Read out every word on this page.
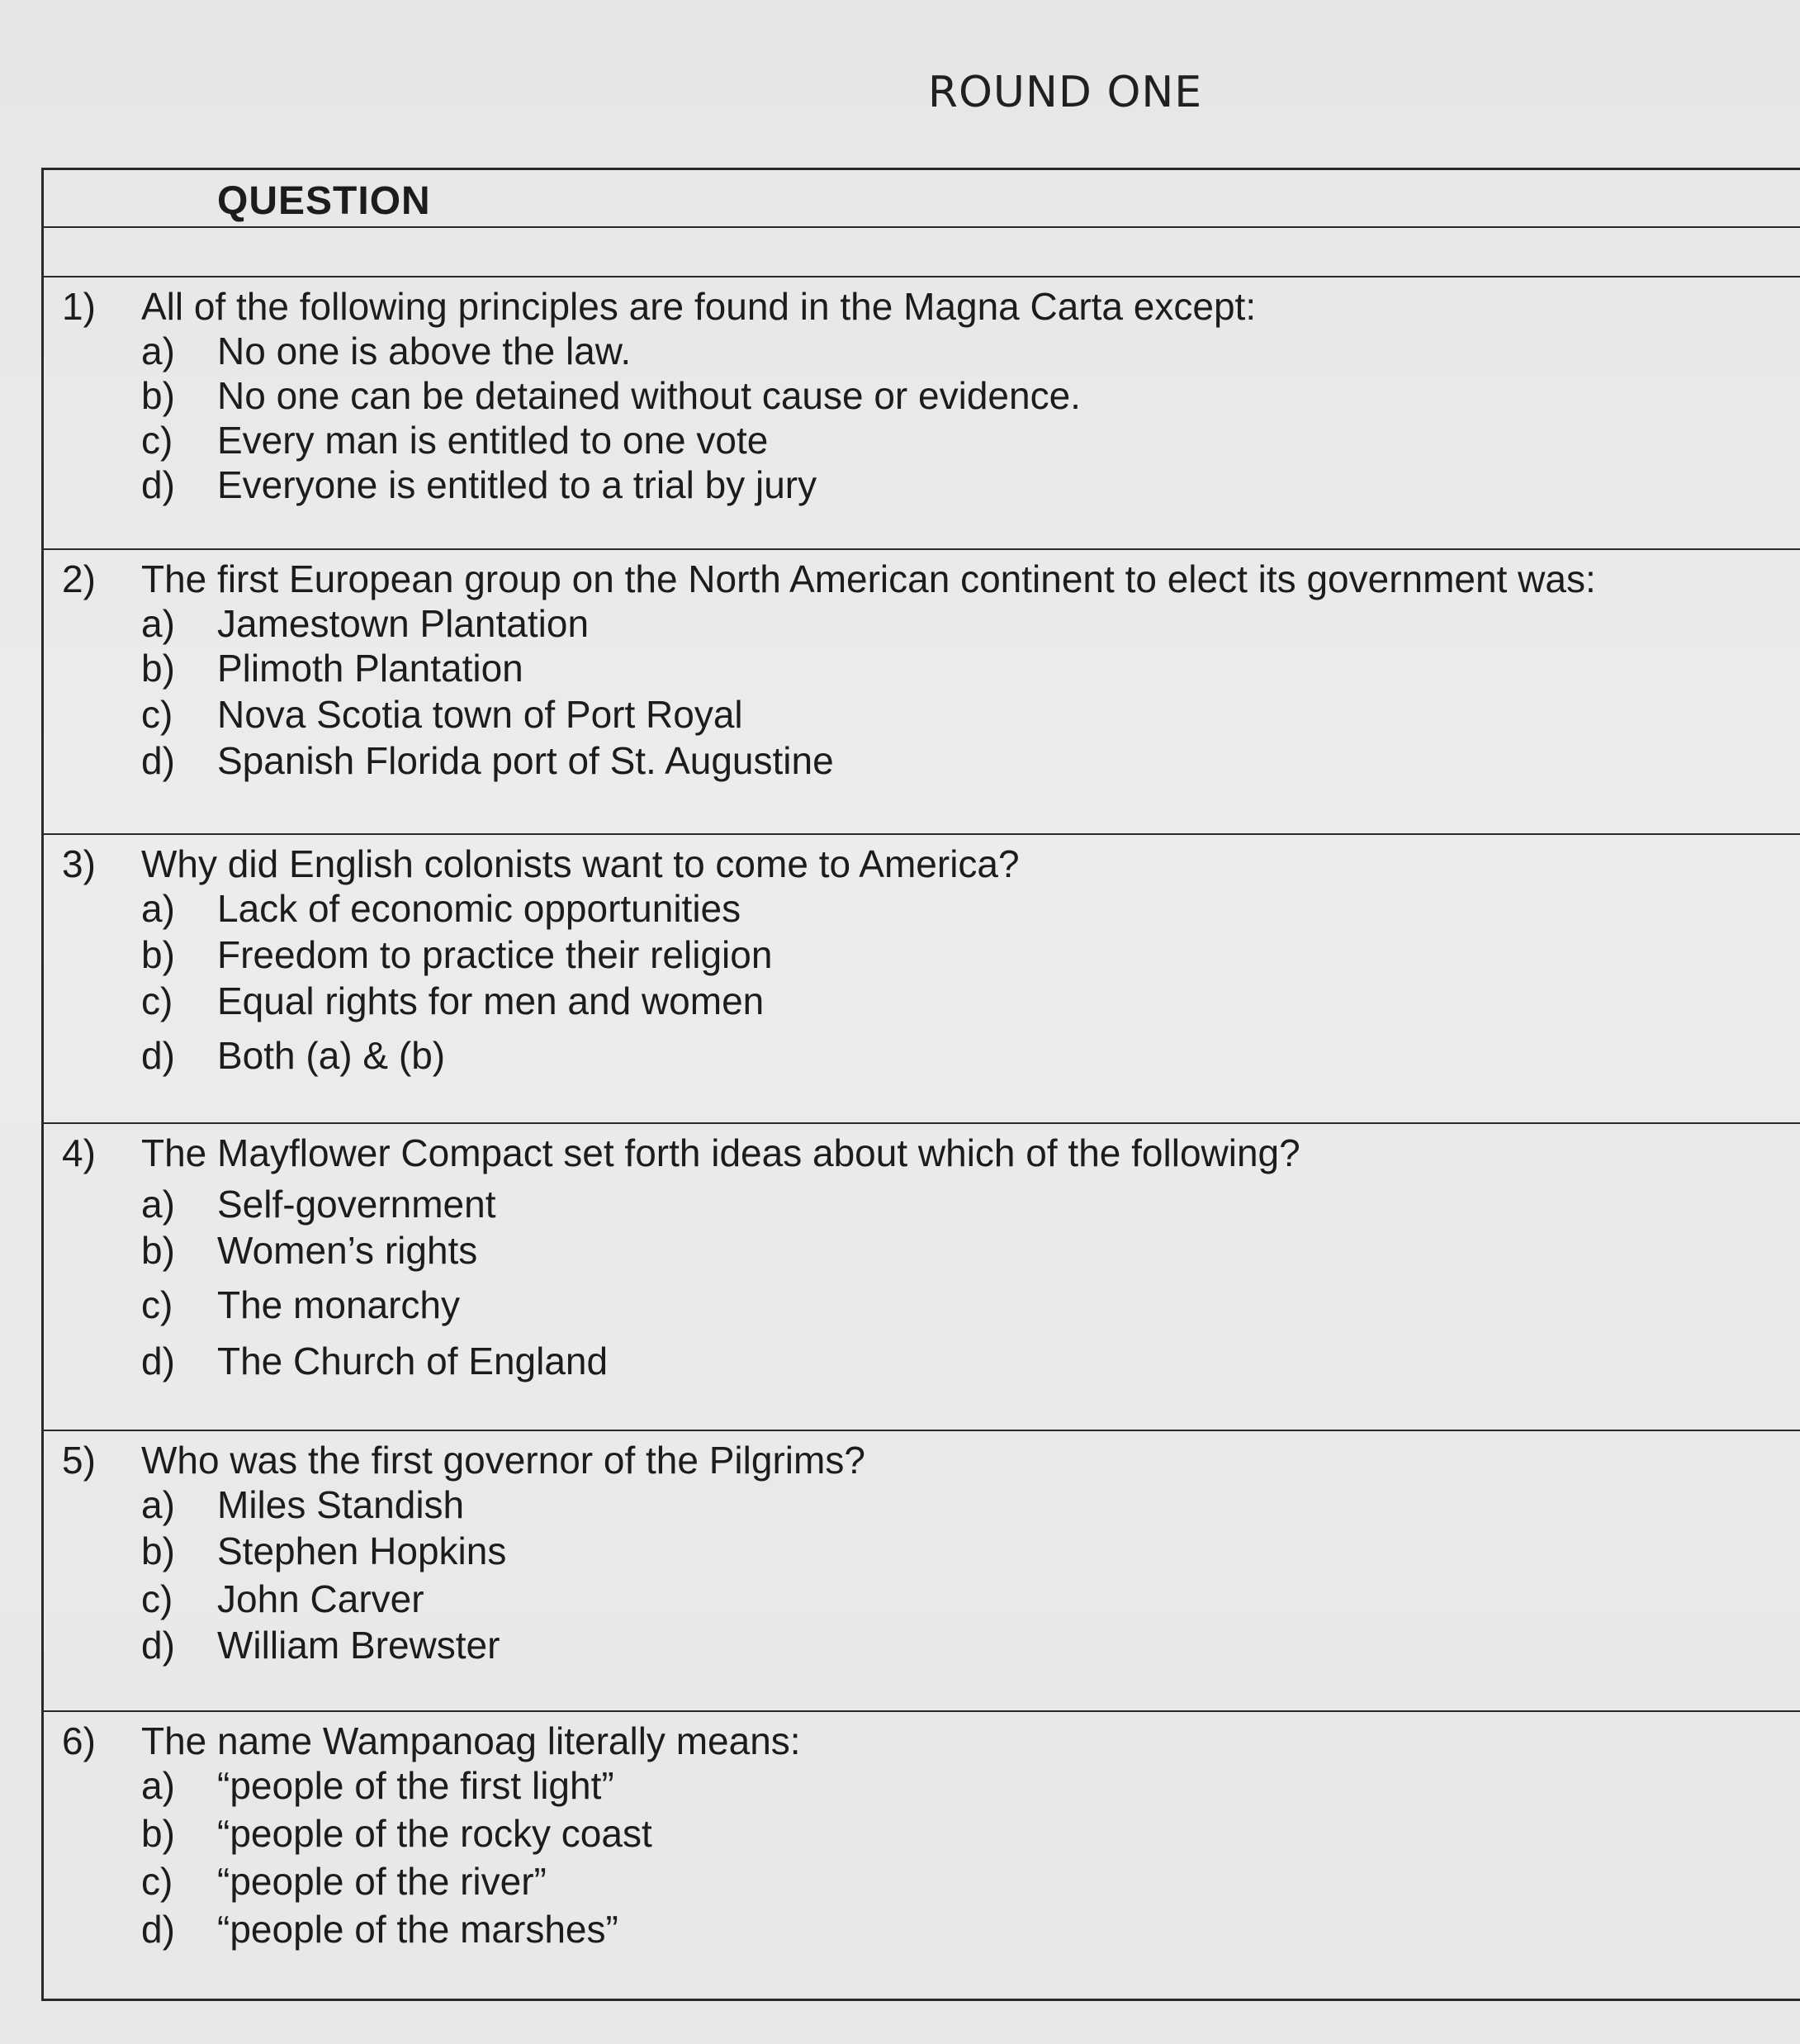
ROUND ONE
QUESTION
1) All of the following principles are found in the Magna Carta except:
a) No one is above the law.
b) No one can be detained without cause or evidence.
c) Every man is entitled to one vote
d) Everyone is entitled to a trial by jury
2) The first European group on the North American continent to elect its government was:
a) Jamestown Plantation
b) Plimoth Plantation
c) Nova Scotia town of Port Royal
d) Spanish Florida port of St. Augustine
3) Why did English colonists want to come to America?
a) Lack of economic opportunities
b) Freedom to practice their religion
c) Equal rights for men and women
d) Both (a) & (b)
4) The Mayflower Compact set forth ideas about which of the following?
a) Self-government
b) Women’s rights
c) The monarchy
d) The Church of England
5) Who was the first governor of the Pilgrims?
a) Miles Standish
b) Stephen Hopkins
c) John Carver
d) William Brewster
6) The name Wampanoag literally means:
a) “people of the first light”
b) “people of the rocky coast
c) “people of the river”
d) “people of the marshes”
